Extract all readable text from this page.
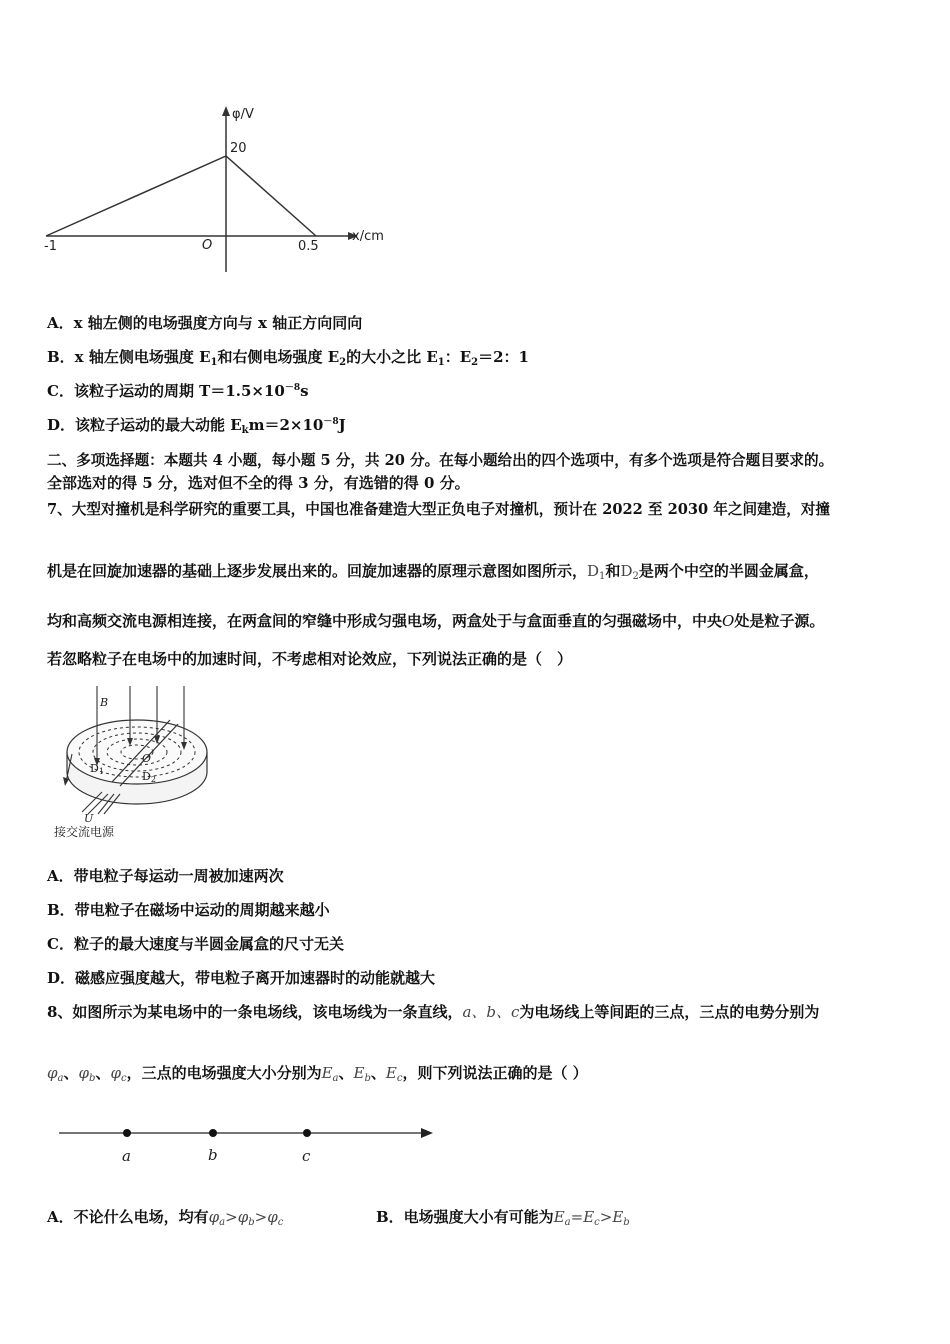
φ/V
20
x/cm
-1	O	0.5
A．x 轴左侧的电场强度方向与 x 轴正方向同向
B．x 轴左侧电场强度 $E_1$和右侧电场强度 $E_2$的大小之比 $E_1$：$E_2=2$：1
C．该粒子运动的周期 $T=1.5\times 10^{-8}s$
D．该粒子运动的最大动能 $E_km=2\times 10^{-8}J$
二、多项选择题：本题共 4 小题，每小题 5 分，共 20 分。在每小题给出的四个选项中，有多个选项是符合题目要求的。
全部选对的得 5 分，选对但不全的得 3 分，有选错的得 0 分。
7、大型对撞机是科学研究的重要工具，中国也准备建造大型正负电子对撞机，预计在 2022 至 2030 年之间建造，对撞
机是在回旋加速器的基础上逐步发展出来的。回旋加速器的原理示意图如图所示，$D_1$和$D_2$是两个中空的半圆金属盒，
均和高频交流电源相连接，在两盒间的窄缝中形成匀强电场，两盒处于与盒面垂直的匀强磁场中，中央O处是粒子源。
若忽略粒子在电场中的加速时间，不考虑相对论效应，下列说法正确的是（　）
B
O
D1	D2
U
接交流电源
A．带电粒子每运动一周被加速两次
B．带电粒子在磁场中运动的周期越来越小
C．粒子的最大速度与半圆金属盒的尺寸无关
D．磁感应强度越大，带电粒子离开加速器时的动能就越大
8、如图所示为某电场中的一条电场线，该电场线为一条直线，a、b、c为电场线上等间距的三点，三点的电势分别为
$\varphi_a$、$\varphi_b$、$\varphi_c$，三点的电场强度大小分别为$E_a$、$E_b$、$E_c$，则下列说法正确的是（ ）
a	b	c
A．不论什么电场，均有$\varphi_a>\varphi_b>\varphi_c$	B．电场强度大小有可能为$E_a=E_c>E_b$
